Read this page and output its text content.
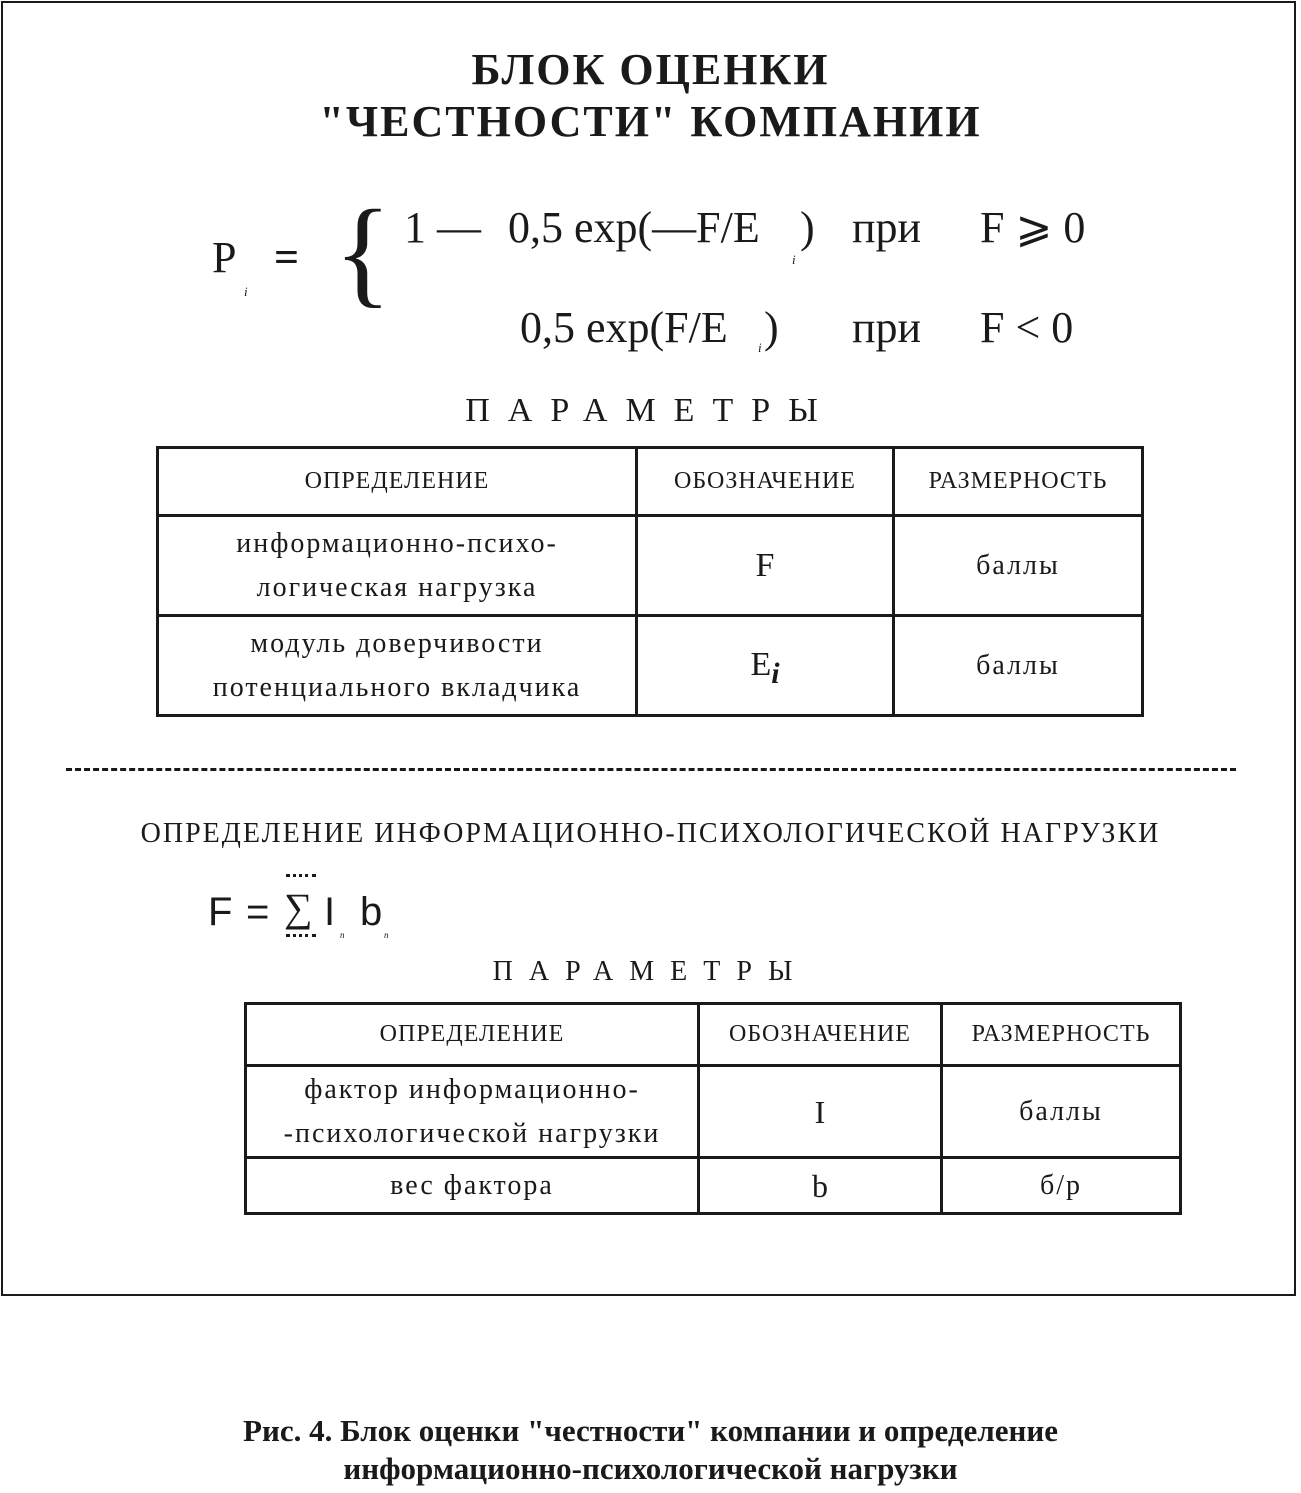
БЛОК ОЦЕНКИ
"ЧЕСТНОСТИ" КОМПАНИИ
P
i
= { 1 — 0,5 exp(—F/E
i
) при F ⩾ 0
0,5 exp(F/E i ) при F < 0
ПАРАМЕТРЫ
ОПРЕДЕЛЕНИЕ	ОБОЗНАЧЕНИЕ	РАЗМЕРНОСТЬ

информационно-психо-
логическая нагрузка	F	баллы

модуль доверчивости
потенциального вкладчика	Ei	баллы
ОПРЕДЕЛЕНИЕ ИНФОРМАЦИОННО-ПСИХОЛОГИЧЕСКОЙ НАГРУЗКИ
F = ∑ I
n
b
n
ПАРАМЕТРЫ
ОПРЕДЕЛЕНИЕ	ОБОЗНАЧЕНИЕ	РАЗМЕРНОСТЬ

фактор информационно-
-психологической нагрузки	I	баллы
вес фактора	b	б/р
Рис. 4. Блок оценки "честности" компании и определение
информационно-психологической нагрузки
